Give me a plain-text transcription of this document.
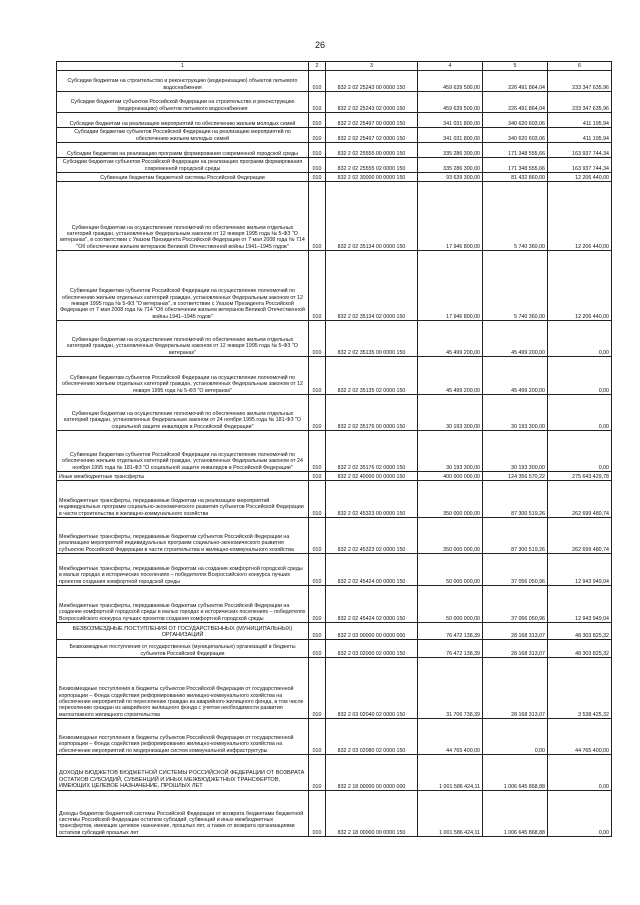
26
1	2	3	4	5	6
Субсидии бюджетам на строительство и реконструкцию (модернизацию) объектов питьевого водоснабжения	010	832 2 02 25243 00 0000 150	459 639 500,00	226 491 864,04	233 347 635,96
Субсидии бюджетам субъектов Российской Федерации на строительство и реконструкцию (модернизацию) объектов питьевого водоснабжения	010	832 2 02 25243 02 0000 150	459 639 500,00	226 491 864,04	233 347 635,96
Субсидии бюджетам на реализацию мероприятий по обеспечению жильем молодых семей	010	832 2 02 25497 00 0000 150	341 031 800,00	340 620 603,06	411 195,94
Субсидии бюджетам субъектов Российской Федерации на реализацию мероприятий по обеспечению жильем молодых семей	010	832 2 02 25497 02 0000 150	341 031 800,00	340 620 603,06	411 195,94
Субсидии бюджетам на реализацию программ формирования современной городской среды	010	832 2 02 25555 00 0000 150	335 286 300,00	171 348 555,66	163 937 744,34
Субсидии бюджетам субъектов Российской Федерации на реализацию программ формирования современной городской среды	010	832 2 02 25555 02 0000 150	335 286 300,00	171 348 555,66	163 937 744,34
Субвенции бюджетам бюджетной системы Российской Федерации	010	832 2 02 30000 00 0000 150	93 639 300,00	81 432 860,00	12 206 440,00
Субвенции бюджетам на осуществление полномочий по обеспечению жильем отдельных категорий граждан, установленных Федеральным законом от 12 января 1995 года № 5-ФЗ "О ветеранах", в соответствии с Указом Президента Российской Федерации от 7 мая 2008 года № 714 "Об обеспечении жильем ветеранов Великой Отечественной войны 1941–1945 годов"	010	832 2 02 35134 00 0000 150	17 946 800,00	5 740 360,00	12 206 440,00
Субвенции бюджетам субъектов Российской Федерации на осуществление полномочий по обеспечению жильем отдельных категорий граждан, установленных Федеральным законом от 12 января 1995 года № 5-ФЗ "О ветеранах", в соответствии с Указом Президента Российской Федерации от 7 мая 2008 года № 714 "Об обеспечении жильем ветеранов Великой Отечественной войны 1941–1945 годов"	010	832 2 02 35134 02 0000 150	17 946 800,00	5 740 360,00	12 206 440,00
Субвенции бюджетам на осуществление полномочий по обеспечению жильем отдельных категорий граждан, установленных Федеральным законом от 12 января 1995 года № 5-ФЗ "О ветеранах"	010	832 2 02 35135 00 0000 150	45 499 200,00	45 499 200,00	0,00
Субвенции бюджетам субъектов Российской Федерации на осуществление полномочий по обеспечению жильем отдельных категорий граждан, установленных Федеральным законом от 12 января 1995 года № 5-ФЗ "О ветеранах"	010	832 2 02 35135 02 0000 150	45 499 200,00	45 499 200,00	0,00
Субвенции бюджетам на осуществление полномочий по обеспечению жильем отдельных категорий граждан, установленных Федеральным законом от 24 ноября 1995 года № 181-ФЗ "О социальной защите инвалидов в Российской Федерации"	010	832 2 02 35176 00 0000 150	30 193 300,00	30 193 300,00	0,00
Субвенции бюджетам субъектов Российской Федерации на осуществление полномочий по обеспечению жильем отдельных категорий граждан, установленных Федеральным законом от 24 ноября 1995 года № 181-ФЗ "О социальной защите инвалидов в Российской Федерации"	010	832 2 02 35176 02 0000 150	30 193 300,00	30 193 300,00	0,00
Иные межбюджетные трансферты	010	832 2 02 40000 00 0000 150	400 000 000,00	124 356 570,22	275 643 429,78
Межбюджетные трансферты, передаваемые бюджетам на реализацию мероприятий индивидуальных программ социально-экономического развития субъектов Российской Федерации в части строительства и жилищно-коммунального хозяйства	010	832 2 02 45323 00 0000 150	350 000 000,00	87 300 519,26	262 699 480,74
Межбюджетные трансферты, передаваемые бюджетам субъектов Российской Федерации на реализацию мероприятий индивидуальных программ социально-экономического развития субъектов Российской Федерации в части строительства и жилищно-коммунального хозяйства	010	832 2 02 45323 02 0000 150	350 000 000,00	87 300 519,26	262 699 480,74
Межбюджетные трансферты, передаваемые бюджетам на создание комфортной городской среды в малых городах и исторических поселениях – победителях Всероссийского конкурса лучших проектов создания комфортной городской среды	010	832 2 02 45424 00 0000 150	50 000 000,00	37 056 050,96	12 943 949,04
Межбюджетные трансферты, передаваемые бюджетам субъектов Российской Федерации на создание комфортной городской среды в малых городах и исторических поселениях – победителях Всероссийского конкурса лучших проектов создания комфортной городской среды	010	832 2 02 45424 02 0000 150	50 000 000,00	37 056 050,96	12 943 949,04
БЕЗВОЗМЕЗДНЫЕ ПОСТУПЛЕНИЯ ОТ ГОСУДАРСТВЕННЫХ (МУНИЦИПАЛЬНЫХ) ОРГАНИЗАЦИЙ	010	832 2 03 00000 00 0000 000	76 472 138,39	28 168 313,07	48 303 825,32
Безвозмездные поступления от государственных (муниципальных) организаций в бюджеты субъектов Российской Федерации	010	832 2 03 02000 02 0000 150	76 472 138,39	28 168 313,07	48 303 825,32
Безвозмездные поступления в бюджеты субъектов Российской Федерации от государственной корпорации – Фонда содействия реформированию жилищно-коммунального хозяйства на обеспечение мероприятий по переселению граждан из аварийного жилищного фонда, в том числе переселению граждан из аварийного жилищного фонда с учетом необходимости развития малоэтажного жилищного строительства	010	832 2 03 02040 02 0000 150	31 706 738,39	28 168 313,07	3 538 425,32
Безвозмездные поступления в бюджеты субъектов Российской Федерации от государственной корпорации – Фонда содействия реформированию жилищно-коммунального хозяйства на обеспечение мероприятий по модернизации систем коммунальной инфраструктуры	010	832 2 03 02080 02 0000 150	44 765 400,00	0,00	44 765 400,00
ДОХОДЫ БЮДЖЕТОВ БЮДЖЕТНОЙ СИСТЕМЫ РОССИЙСКОЙ ФЕДЕРАЦИИ ОТ ВОЗВРАТА ОСТАТКОВ СУБСИДИЙ, СУБВЕНЦИЙ И ИНЫХ МЕЖБЮДЖЕТНЫХ ТРАНСФЕРТОВ, ИМЕЮЩИХ ЦЕЛЕВОЕ НАЗНАЧЕНИЕ, ПРОШЛЫХ ЛЕТ	010	832 2 18 00000 00 0000 000	1 001 586 424,11	1 006 645 868,88	0,00
Доходы бюджетов бюджетной системы Российской Федерации от возврата бюджетами бюджетной системы Российской Федерации остатков субсидий, субвенций и иных межбюджетных трансфертов, имеющих целевое назначение, прошлых лет, а также от возврата организациями остатков субсидий прошлых лет	010	832 2 18 00000 00 0000 150	1 001 586 424,11	1 006 645 868,88	0,00
